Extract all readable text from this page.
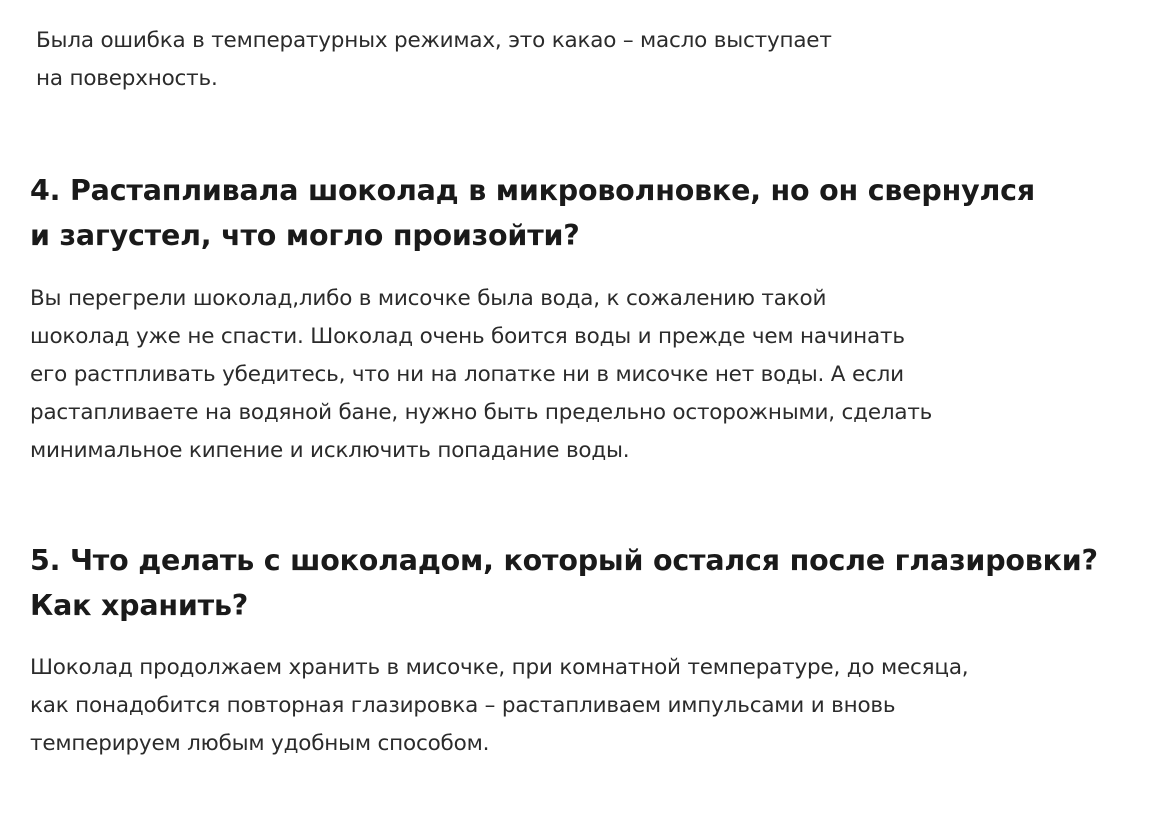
Была ошибка в температурных режимах, это какао – масло выступает
на поверхность.

4. Растапливала шоколад в микроволновке, но он свернулся
и загустел, что могло произойти?

Вы перегрели шоколад,либо в мисочке была вода, к сожалению такой
шоколад уже не спасти. Шоколад очень боится воды и прежде чем начинать
его растпливать убедитесь, что ни на лопатке ни в мисочке нет воды. А если
растапливаете на водяной бане, нужно быть предельно осторожными, сделать
минимальное кипение и исключить попадание воды.

5. Что делать с шоколадом, который остался после глазировки?
Как хранить?

Шоколад продолжаем хранить в мисочке, при комнатной температуре, до месяца,
как понадобится повторная глазировка – растапливаем импульсами и вновь
темперируем любым удобным способом.
